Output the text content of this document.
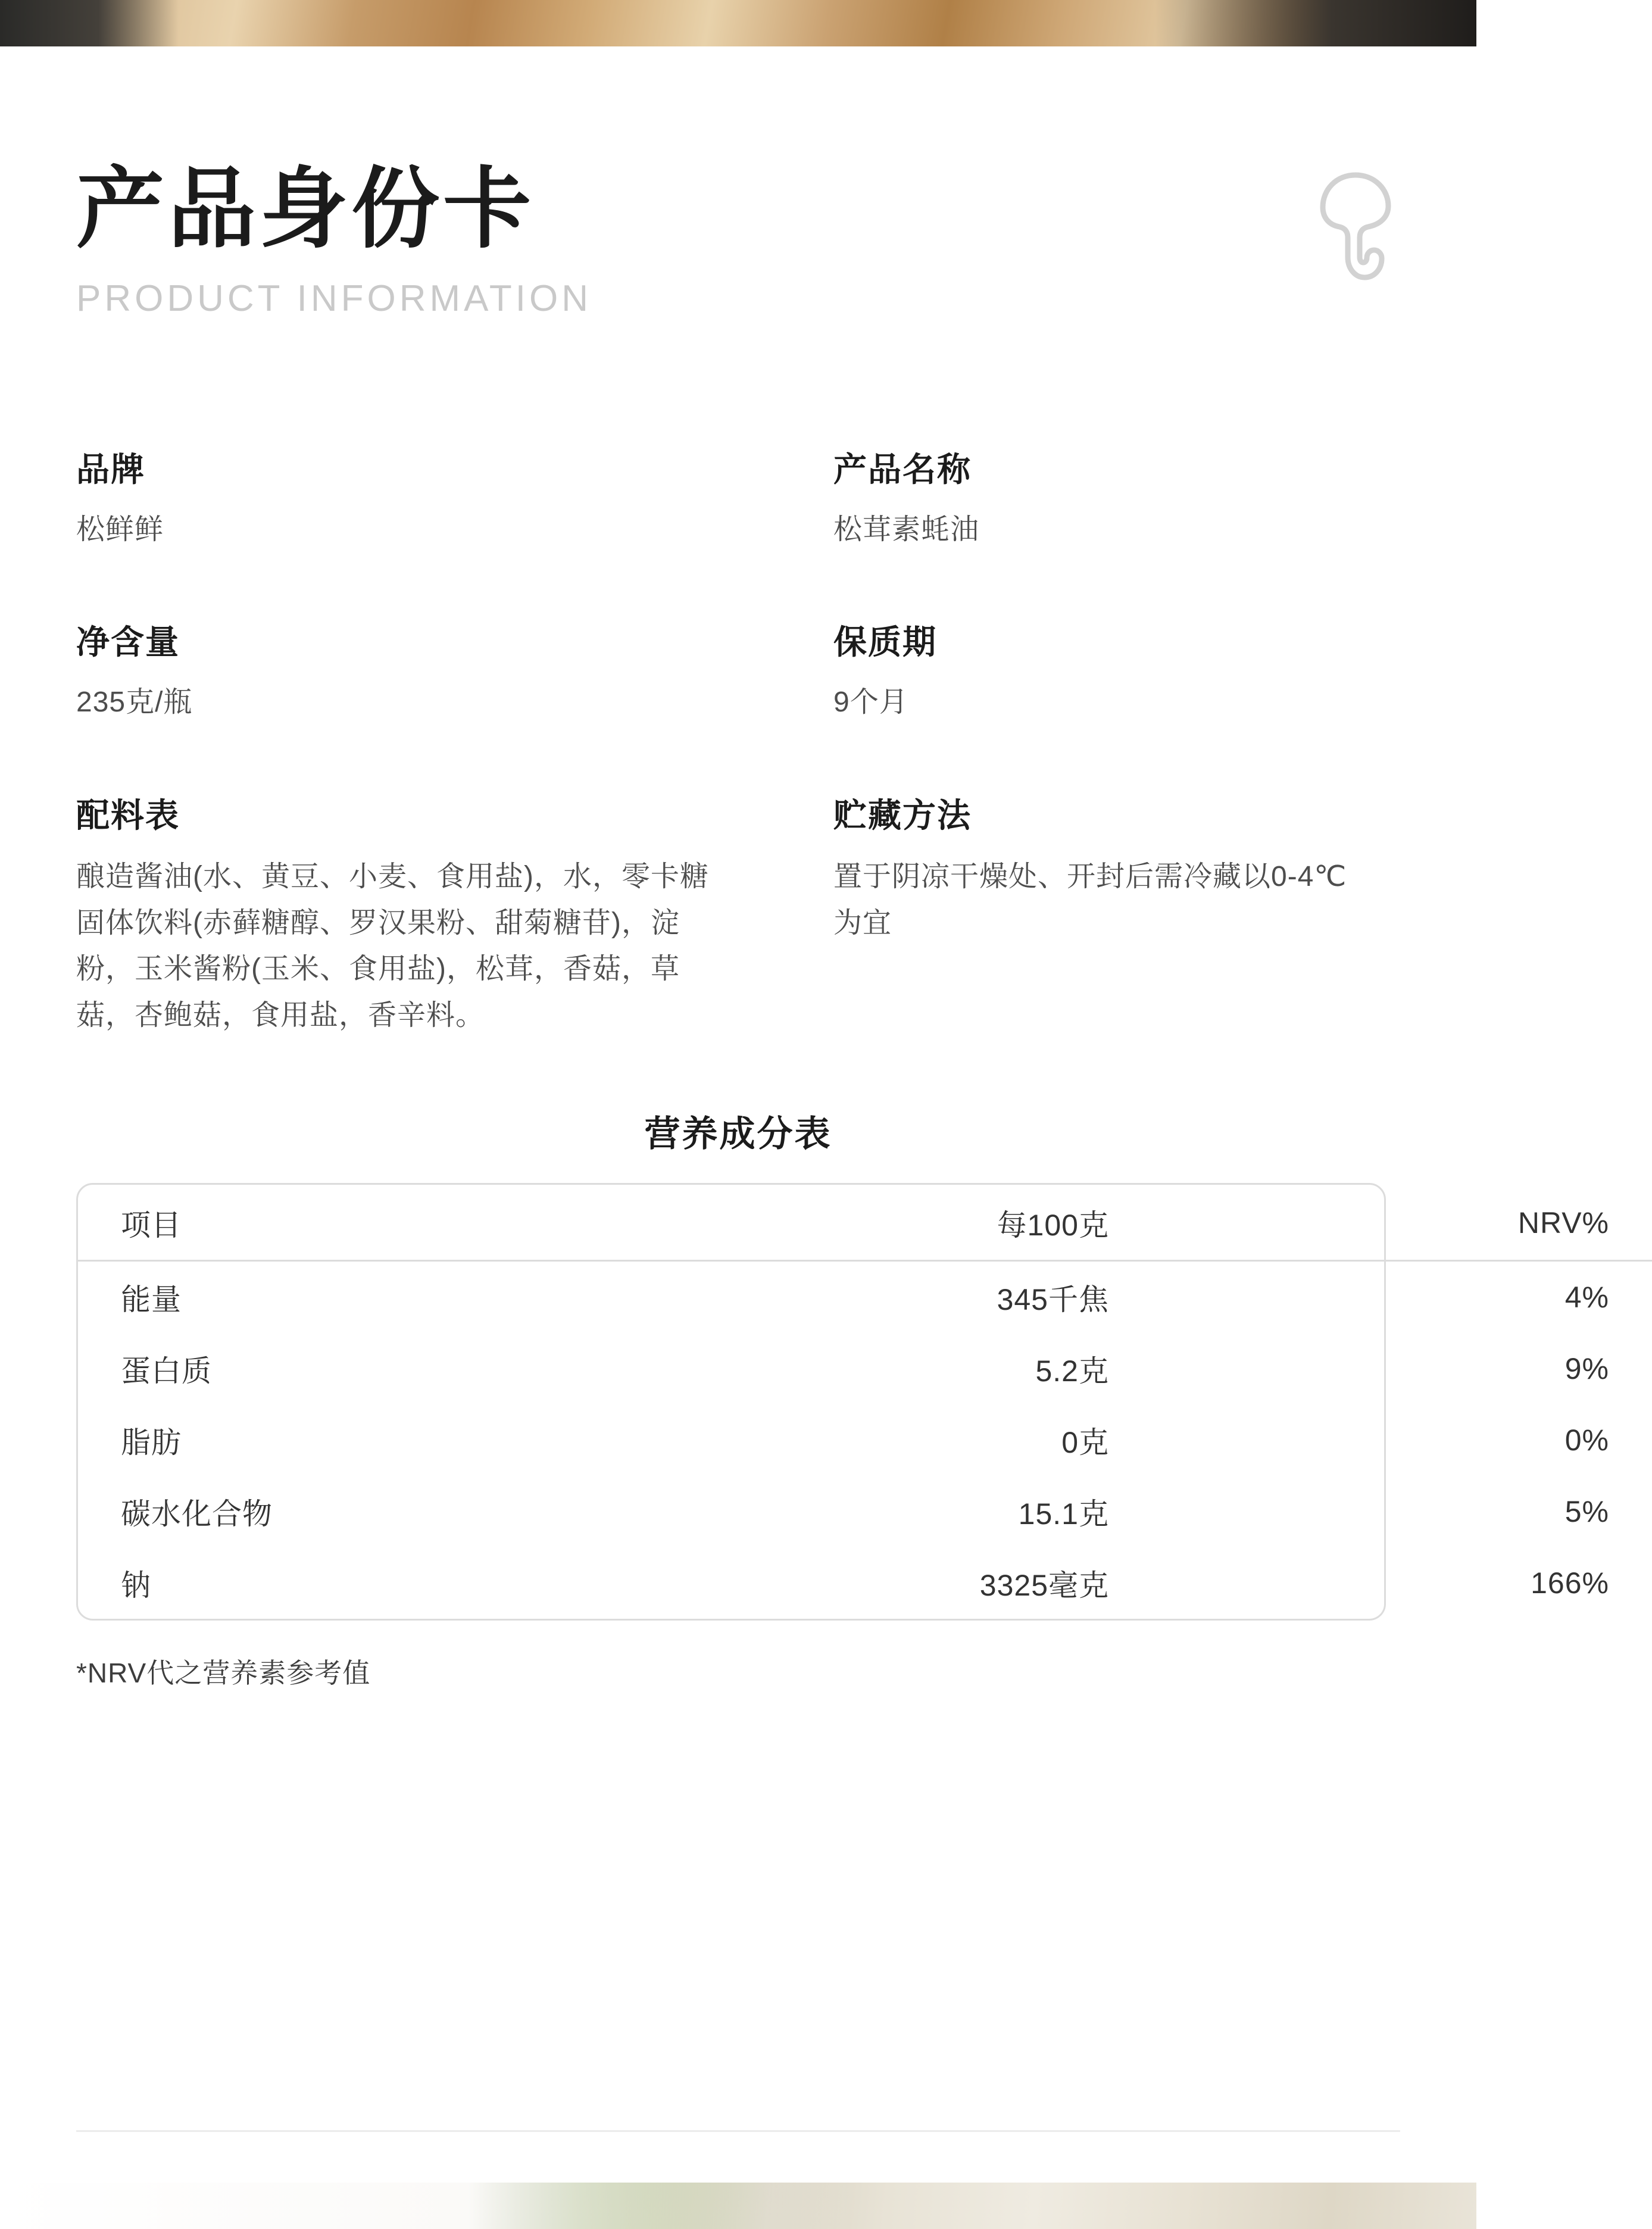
产品身份卡
PRODUCT INFORMATION
品牌
松鲜鲜
产品名称
松茸素蚝油
净含量
235克/瓶
保质期
9个月
配料表
酿造酱油(水、黄豆、小麦、食用盐)，水，零卡糖固体饮料(赤藓糖醇、罗汉果粉、甜菊糖苷)，淀粉，玉米酱粉(玉米、食用盐)，松茸，香菇，草菇，杏鲍菇，食用盐，香辛料。
贮藏方法
置于阴凉干燥处、开封后需冷藏以0-4℃为宜
营养成分表
项目	每100克	NRV%
能量	345千焦	4%
蛋白质	5.2克	9%
脂肪	0克	0%
碳水化合物	15.1克	5%
钠	3325毫克	166%
*NRV代之营养素参考值
